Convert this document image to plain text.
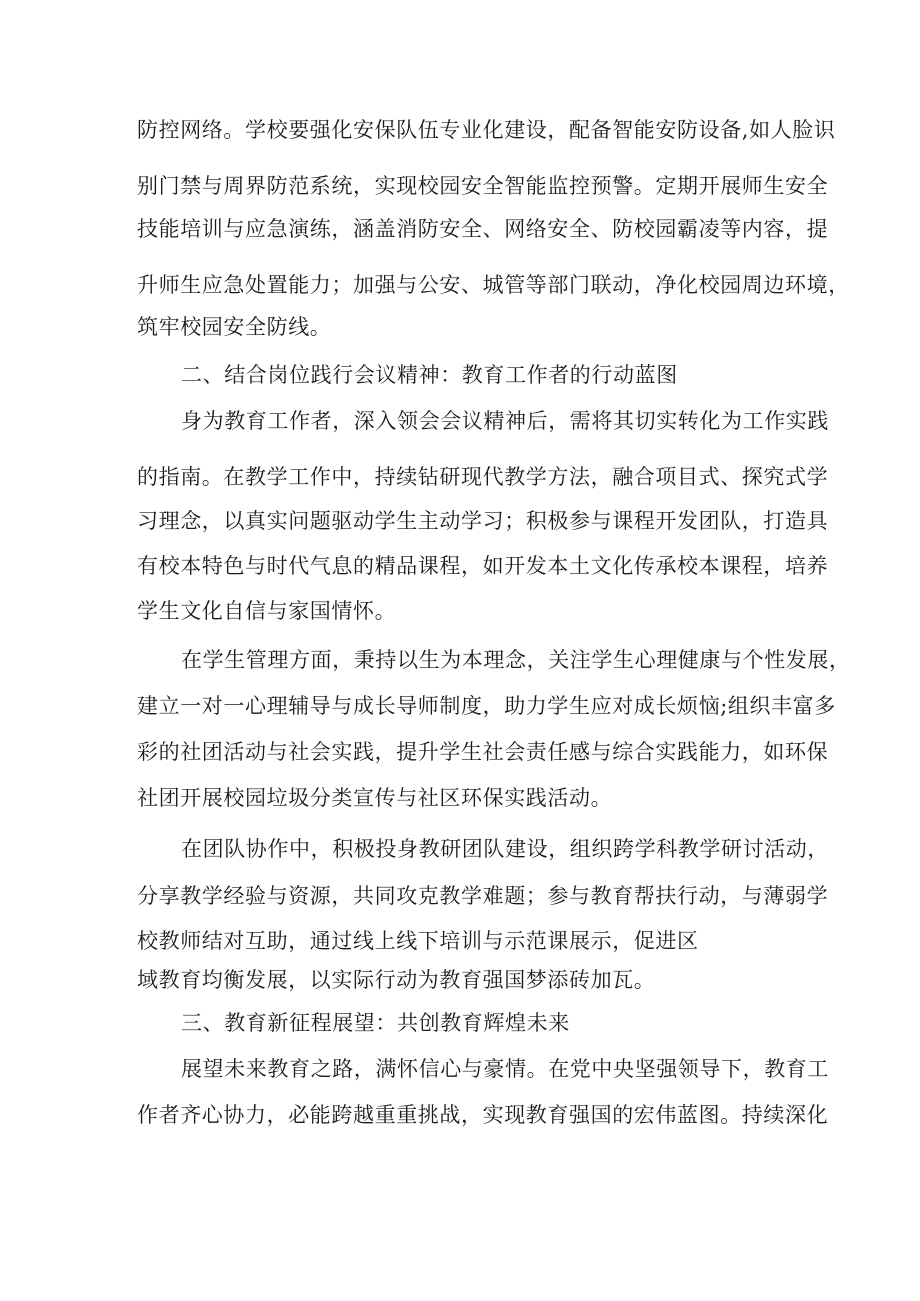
防控网络。学校要强化安保队伍专业化建设，配备智能安防设备,如人脸识

别门禁与周界防范系统，实现校园安全智能监控预警。定期开展师生安全

技能培训与应急演练，涵盖消防安全、网络安全、防校园霸凌等内容，提

升师生应急处置能力；加强与公安、城管等部门联动，净化校园周边环境，

筑牢校园安全防线。

二、结合岗位践行会议精神：教育工作者的行动蓝图

身为教育工作者，深入领会会议精神后，需将其切实转化为工作实践

的指南。在教学工作中，持续钻研现代教学方法，融合项目式、探究式学

习理念，以真实问题驱动学生主动学习；积极参与课程开发团队，打造具

有校本特色与时代气息的精品课程，如开发本土文化传承校本课程，培养

学生文化自信与家国情怀。

在学生管理方面，秉持以生为本理念，关注学生心理健康与个性发展，

建立一对一心理辅导与成长导师制度，助力学生应对成长烦恼;组织丰富多

彩的社团活动与社会实践，提升学生社会责任感与综合实践能力，如环保

社团开展校园垃圾分类宣传与社区环保实践活动。

在团队协作中，积极投身教研团队建设，组织跨学科教学研讨活动，

分享教学经验与资源，共同攻克教学难题；参与教育帮扶行动，与薄弱学

校教师结对互助，通过线上线下培训与示范课展示，促进区

域教育均衡发展，以实际行动为教育强国梦添砖加瓦。

三、教育新征程展望：共创教育辉煌未来

展望未来教育之路，满怀信心与豪情。在党中央坚强领导下，教育工

作者齐心协力，必能跨越重重挑战，实现教育强国的宏伟蓝图。持续深化
